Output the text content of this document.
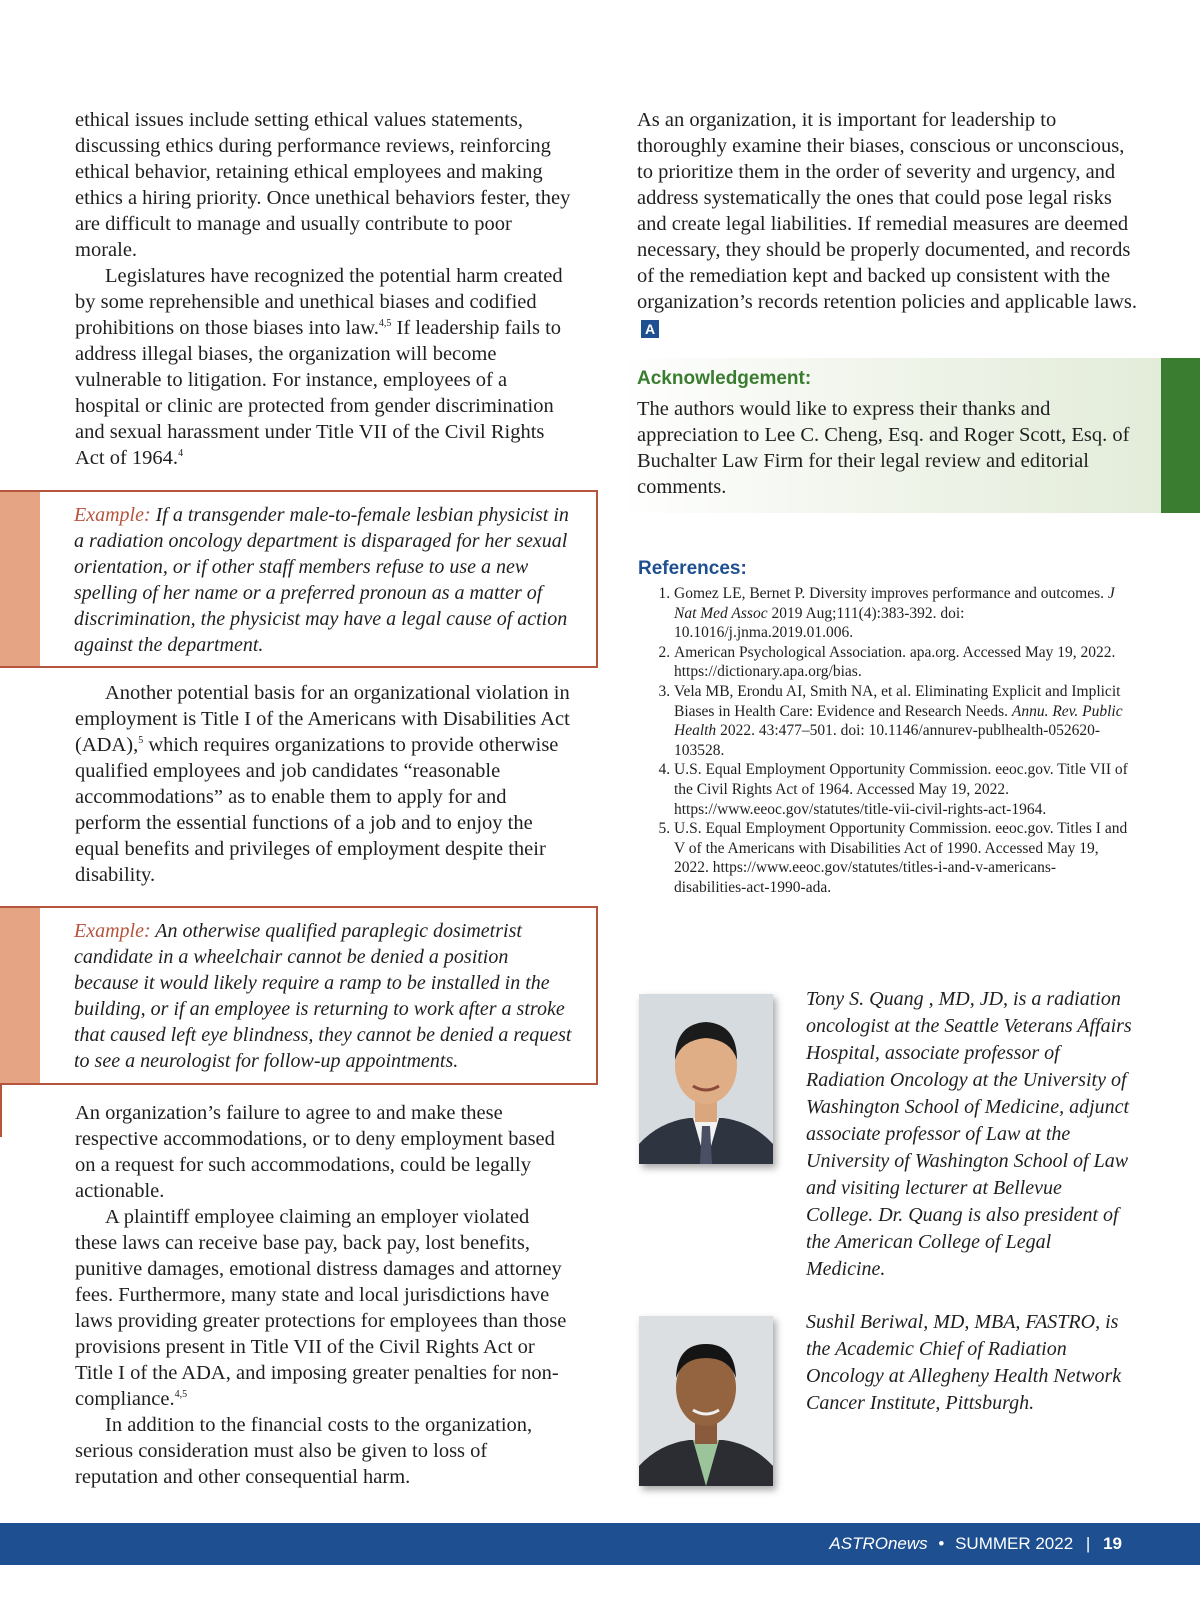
ethical issues include setting ethical values statements, discussing ethics during performance reviews, reinforcing ethical behavior, retaining ethical employees and making ethics a hiring priority. Once unethical behaviors fester, they are difficult to manage and usually contribute to poor morale.

Legislatures have recognized the potential harm created by some reprehensible and unethical biases and codified prohibitions on those biases into law.$^{4,5}$ If leadership fails to address illegal biases, the organization will become vulnerable to litigation. For instance, employees of a hospital or clinic are protected from gender discrimination and sexual harassment under Title VII of the Civil Rights Act of 1964.$^4$

Example: If a transgender male-to-female lesbian physicist in a radiation oncology department is disparaged for her sexual orientation, or if other staff members refuse to use a new spelling of her name or a preferred pronoun as a matter of discrimination, the physicist may have a legal cause of action against the department.

Another potential basis for an organizational violation in employment is Title I of the Americans with Disabilities Act (ADA),$^5$ which requires organizations to provide otherwise qualified employees and job candidates “reasonable accommodations” as to enable them to apply for and perform the essential functions of a job and to enjoy the equal benefits and privileges of employment despite their disability.

Example: An otherwise qualified paraplegic dosimetrist candidate in a wheelchair cannot be denied a position because it would likely require a ramp to be installed in the building, or if an employee is returning to work after a stroke that caused left eye blindness, they cannot be denied a request to see a neurologist for follow-up appointments.

An organization’s failure to agree to and make these respective accommodations, or to deny employment based on a request for such accommodations, could be legally actionable.

A plaintiff employee claiming an employer violated these laws can receive base pay, back pay, lost benefits, punitive damages, emotional distress damages and attorney fees. Furthermore, many state and local jurisdictions have laws providing greater protections for employees than those provisions present in Title VII of the Civil Rights Act or Title I of the ADA, and imposing greater penalties for non-compliance.$^{4,5}$

In addition to the financial costs to the organization, serious consideration must also be given to loss of reputation and other consequential harm.

As an organization, it is important for leadership to thoroughly examine their biases, conscious or unconscious, to prioritize them in the order of severity and urgency, and address systematically the ones that could pose legal risks and create legal liabilities. If remedial measures are deemed necessary, they should be properly documented, and records of the remediation kept and backed up consistent with the organization’s records retention policies and applicable laws.A

Acknowledgement:

The authors would like to express their thanks and appreciation to Lee C. Cheng, Esq. and Roger Scott, Esq. of Buchalter Law Firm for their legal review and editorial comments.

References:
1. Gomez LE, Bernet P. Diversity improves performance and outcomes. J Nat Med Assoc 2019 Aug;111(4):383-392. doi: 10.1016/j.jnma.2019.01.006.
2. American Psychological Association. apa.org. Accessed May 19, 2022. https://dictionary.apa.org/bias.
3. Vela MB, Erondu AI, Smith NA, et al. Eliminating Explicit and Implicit Biases in Health Care: Evidence and Research Needs. Annu. Rev. Public Health 2022. 43:477–501. doi: 10.1146/annurev-publhealth-052620-103528.
4. U.S. Equal Employment Opportunity Commission. eeoc.gov. Title VII of the Civil Rights Act of 1964. Accessed May 19, 2022. https://www.eeoc.gov/statutes/title-vii-civil-rights-act-1964.
5. U.S. Equal Employment Opportunity Commission. eeoc.gov. Titles I and V of the Americans with Disabilities Act of 1990. Accessed May 19, 2022. https://www.eeoc.gov/statutes/titles-i-and-v-americans-disabilities-act-1990-ada.
Tony S. Quang , MD, JD, is a radiation oncologist at the Seattle Veterans Affairs Hospital, associate professor of Radiation Oncology at the University of Washington School of Medicine, adjunct associate professor of Law at the University of Washington School of Law and visiting lecturer at Bellevue College. Dr. Quang is also president of the American College of Legal Medicine.
Sushil Beriwal, MD, MBA, FASTRO, is the Academic Chief of Radiation Oncology at Allegheny Health Network Cancer Institute, Pittsburgh.
ASTROnews • SUMMER 2022 | 19
